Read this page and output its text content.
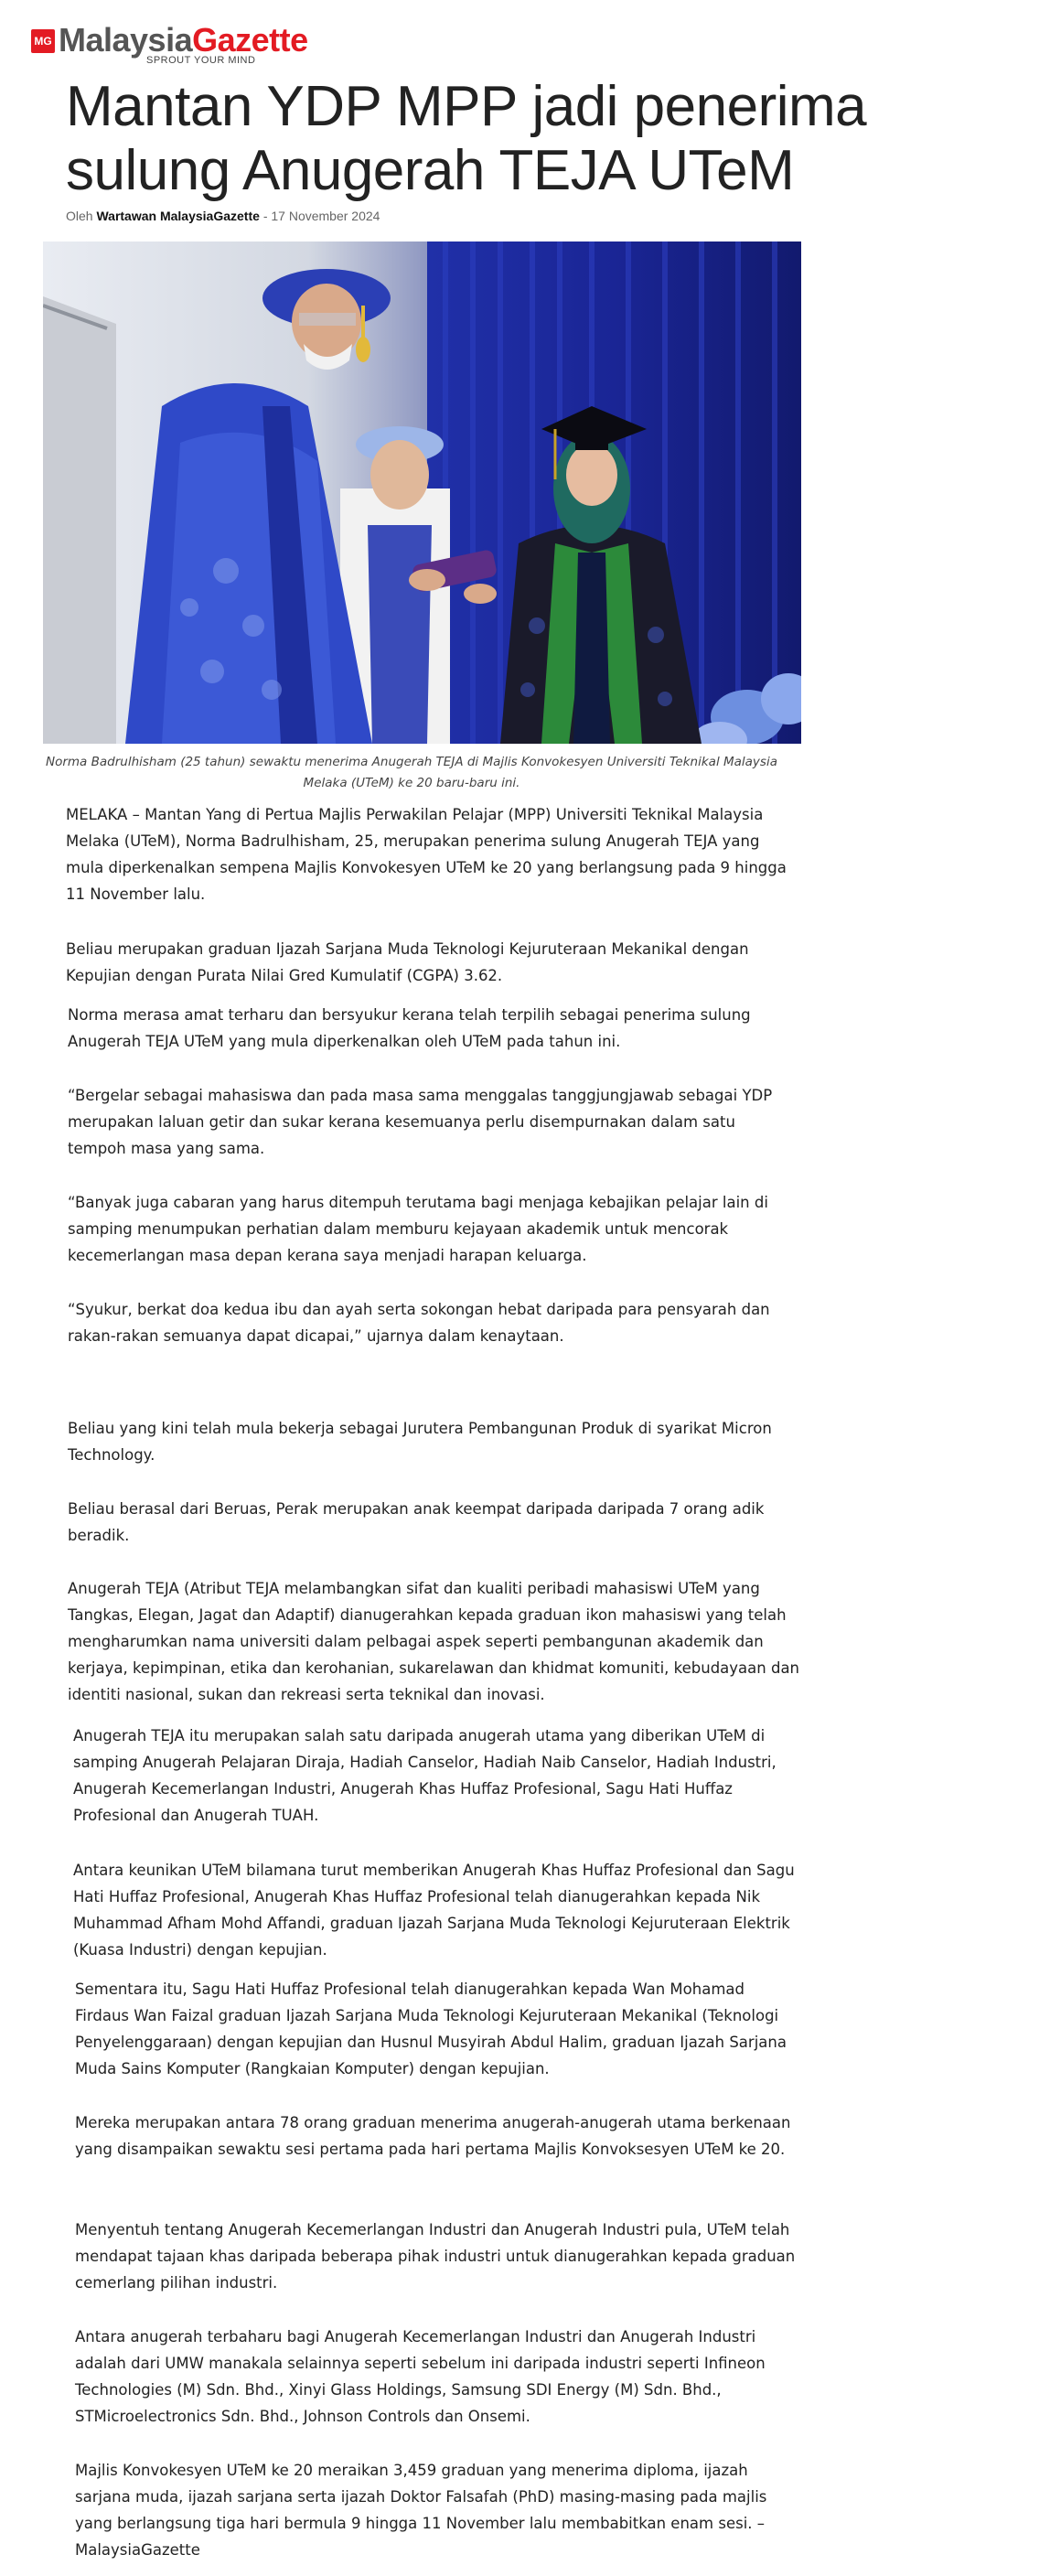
MG MalaysiaGazette
SPROUT YOUR MIND
Mantan YDP MPP jadi penerima sulung Anugerah TEJA UTeM
Oleh Wartawan MalaysiaGazette - 17 November 2024
Norma Badrulhisham (25 tahun) sewaktu menerima Anugerah TEJA di Majlis Konvokesyen Universiti Teknikal Malaysia Melaka (UTeM) ke 20 baru-baru ini.

MELAKA – Mantan Yang di Pertua Majlis Perwakilan Pelajar (MPP) Universiti Teknikal Malaysia Melaka (UTeM), Norma Badrulhisham, 25, merupakan penerima sulung Anugerah TEJA yang mula diperkenalkan sempena Majlis Konvokesyen UTeM ke 20 yang berlangsung pada 9 hingga 11 November lalu.

Beliau merupakan graduan Ijazah Sarjana Muda Teknologi Kejuruteraan Mekanikal dengan Kepujian dengan Purata Nilai Gred Kumulatif (CGPA) 3.62.

Norma merasa amat terharu dan bersyukur kerana telah terpilih sebagai penerima sulung Anugerah TEJA UTeM yang mula diperkenalkan oleh UTeM pada tahun ini.

“Bergelar sebagai mahasiswa dan pada masa sama menggalas tanggjungjawab sebagai YDP merupakan laluan getir dan sukar kerana kesemuanya perlu disempurnakan dalam satu tempoh masa yang sama.

“Banyak juga cabaran yang harus ditempuh terutama bagi menjaga kebajikan pelajar lain di samping menumpukan perhatian dalam memburu kejayaan akademik untuk mencorak kecemerlangan masa depan kerana saya menjadi harapan keluarga.

“Syukur, berkat doa kedua ibu dan ayah serta sokongan hebat daripada para pensyarah dan rakan-rakan semuanya dapat dicapai,” ujarnya dalam kenaytaan.

Beliau yang kini telah mula bekerja sebagai Jurutera Pembangunan Produk di syarikat Micron Technology.

Beliau berasal dari Beruas, Perak merupakan anak keempat daripada daripada 7 orang adik beradik.

Anugerah TEJA (Atribut TEJA melambangkan sifat dan kualiti peribadi mahasiswi UTeM yang Tangkas, Elegan, Jagat dan Adaptif) dianugerahkan kepada graduan ikon mahasiswi yang telah mengharumkan nama universiti dalam pelbagai aspek seperti pembangunan akademik dan kerjaya, kepimpinan, etika dan kerohanian, sukarelawan dan khidmat komuniti, kebudayaan dan identiti nasional, sukan dan rekreasi serta teknikal dan inovasi.

Anugerah TEJA itu merupakan salah satu daripada anugerah utama yang diberikan UTeM di samping Anugerah Pelajaran Diraja, Hadiah Canselor, Hadiah Naib Canselor, Hadiah Industri, Anugerah Kecemerlangan Industri, Anugerah Khas Huffaz Profesional, Sagu Hati Huffaz Profesional dan Anugerah TUAH.

Antara keunikan UTeM bilamana turut memberikan Anugerah Khas Huffaz Profesional dan Sagu Hati Huffaz Profesional, Anugerah Khas Huffaz Profesional telah dianugerahkan kepada Nik Muhammad Afham Mohd Affandi, graduan Ijazah Sarjana Muda Teknologi Kejuruteraan Elektrik (Kuasa Industri) dengan kepujian.

Sementara itu, Sagu Hati Huffaz Profesional telah dianugerahkan kepada Wan Mohamad Firdaus Wan Faizal graduan Ijazah Sarjana Muda Teknologi Kejuruteraan Mekanikal (Teknologi Penyelenggaraan) dengan kepujian dan Husnul Musyirah Abdul Halim, graduan Ijazah Sarjana Muda Sains Komputer (Rangkaian Komputer) dengan kepujian.

Mereka merupakan antara 78 orang graduan menerima anugerah-anugerah utama berkenaan yang disampaikan sewaktu sesi pertama pada hari pertama Majlis Konvoksesyen UTeM ke 20.

Menyentuh tentang Anugerah Kecemerlangan Industri dan Anugerah Industri pula, UTeM telah mendapat tajaan khas daripada beberapa pihak industri untuk dianugerahkan kepada graduan cemerlang pilihan industri.

Antara anugerah terbaharu bagi Anugerah Kecemerlangan Industri dan Anugerah Industri adalah dari UMW manakala selainnya seperti sebelum ini daripada industri seperti Infineon Technologies (M) Sdn. Bhd., Xinyi Glass Holdings, Samsung SDI Energy (M) Sdn. Bhd., STMicroelectronics Sdn. Bhd., Johnson Controls dan Onsemi.

Majlis Konvokesyen UTeM ke 20 meraikan 3,459 graduan yang menerima diploma, ijazah sarjana muda, ijazah sarjana serta ijazah Doktor Falsafah (PhD) masing-masing pada majlis yang berlangsung tiga hari bermula 9 hingga 11 November lalu membabitkan enam sesi. – MalaysiaGazette
